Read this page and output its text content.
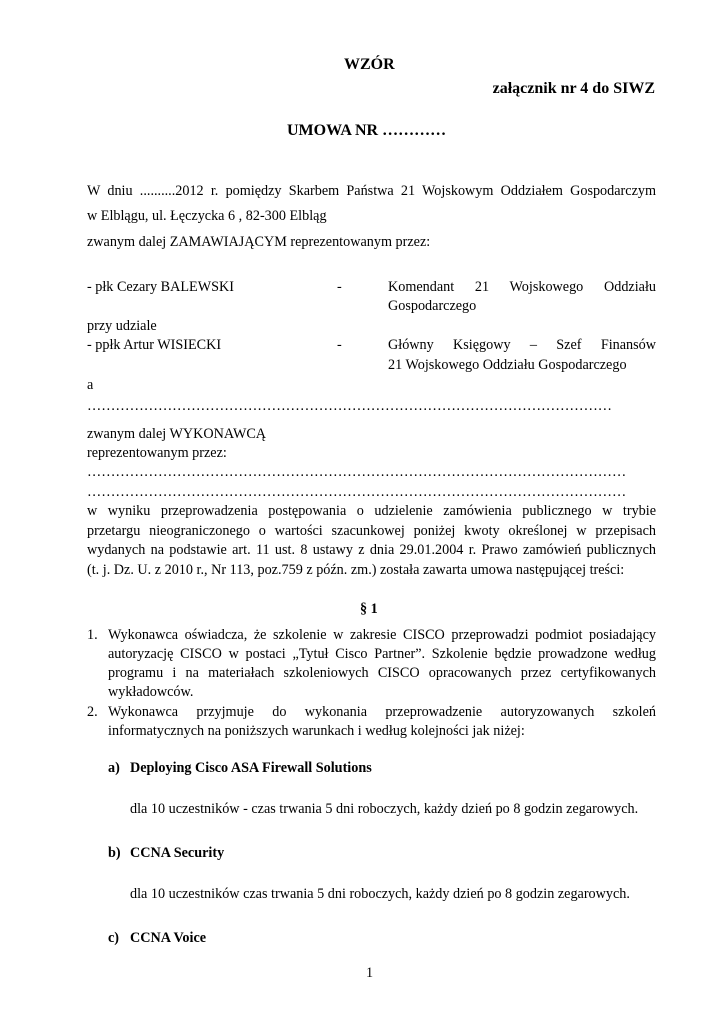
WZÓR
załącznik nr 4 do SIWZ
UMOWA NR …………
W dniu ..........2012 r. pomiędzy Skarbem Państwa 21 Wojskowym Oddziałem Gospodarczym
w Elblągu, ul. Łęczycka 6 , 82-300 Elbląg
zwanym dalej ZAMAWIAJĄCYM reprezentowanym przez:
- płk Cezary BALEWSKI	-	Komendant 21 Wojskowego Oddziału
Gospodarczego
przy udziale
- ppłk Artur WISIECKI	-	Główny Księgowy – Szef Finansów
21 Wojskowego Oddziału Gospodarczego
a
…………………………………………………………………………………………………
zwanym dalej WYKONAWCĄ
reprezentowanym przez:
……………………………………………………………………………………………………
……………………………………………………………………………………………………
w wyniku przeprowadzenia postępowania o udzielenie zamówienia publicznego w trybie
przetargu nieograniczonego o wartości szacunkowej poniżej kwoty określonej w przepisach
wydanych na podstawie art. 11 ust. 8 ustawy z dnia 29.01.2004 r. Prawo zamówień publicznych
(t. j. Dz. U. z 2010 r., Nr 113, poz.759 z późn. zm.) została zawarta umowa następującej treści:
§ 1
1. Wykonawca oświadcza, że szkolenie w zakresie CISCO przeprowadzi podmiot posiadający
autoryzację CISCO w postaci „Tytuł Cisco Partner”. Szkolenie będzie prowadzone według
programu i na materiałach szkoleniowych CISCO opracowanych przez certyfikowanych
wykładowców.
2. Wykonawca przyjmuje do wykonania przeprowadzenie autoryzowanych szkoleń
informatycznych na poniższych warunkach i według kolejności jak niżej:
a) Deploying Cisco ASA Firewall Solutions
dla 10 uczestników - czas trwania 5 dni roboczych, każdy dzień po 8 godzin zegarowych.
b) CCNA Security
dla 10 uczestników czas trwania 5 dni roboczych, każdy dzień po 8 godzin zegarowych.
c) CCNA Voice
1
